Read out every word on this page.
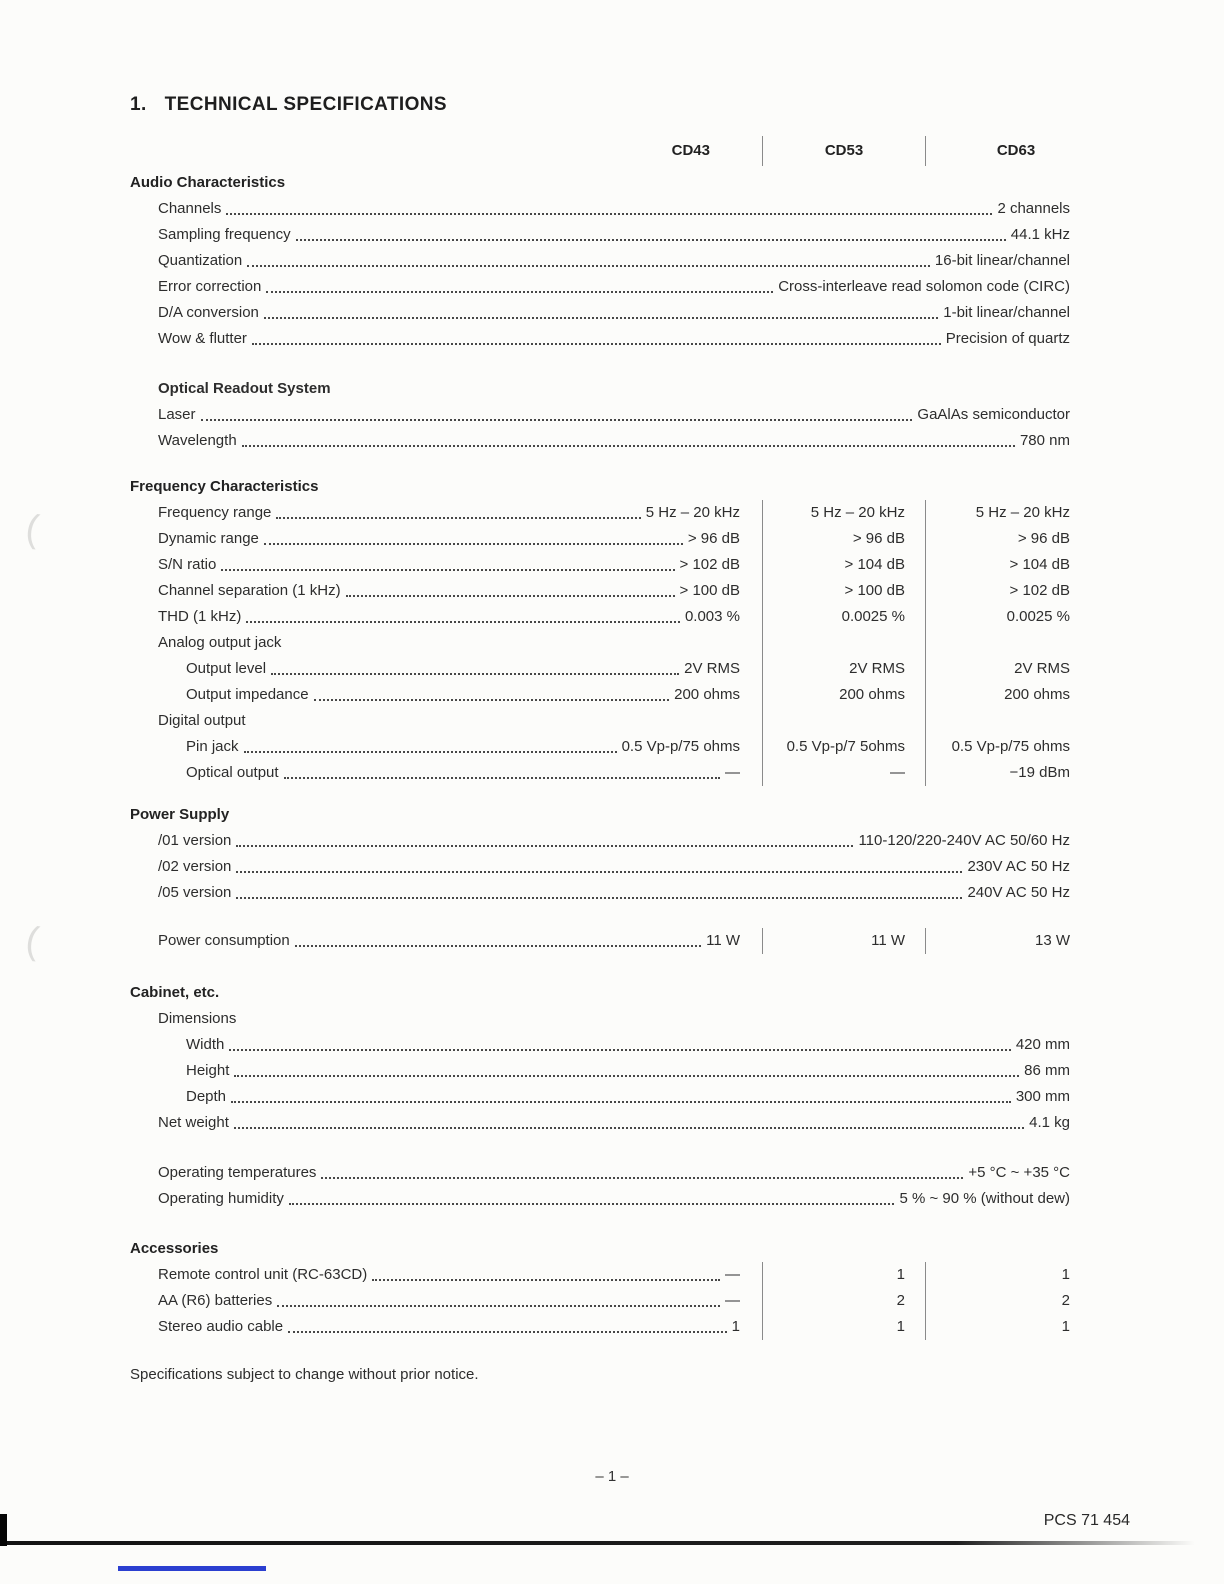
1. TECHNICAL SPECIFICATIONS
CD43	CD53	CD63
Audio Characteristics
Channels	2 channels
Sampling frequency	44.1 kHz
Quantization	16-bit linear/channel
Error correction	Cross-interleave read solomon code (CIRC)
D/A conversion	1-bit linear/channel
Wow & flutter	Precision of quartz
Optical Readout System
Laser	GaAlAs semiconductor
Wavelength	780 nm
Frequency Characteristics
Frequency range	5 Hz – 20 kHz	5 Hz – 20 kHz	5 Hz – 20 kHz
Dynamic range	> 96 dB	> 96 dB	> 96 dB
S/N ratio	> 102 dB	> 104 dB	> 104 dB
Channel separation (1 kHz)	> 100 dB	> 100 dB	> 102 dB
THD (1 kHz)	0.003 %	0.0025 %	0.0025 %
Analog output jack
Output level	2V RMS	2V RMS	2V RMS
Output impedance	200 ohms	200 ohms	200 ohms
Digital output
Pin jack	0.5 Vp-p/75 ohms	0.5 Vp-p/7 5ohms	0.5 Vp-p/75 ohms
Optical output	—	—	−19 dBm
Power Supply
/01 version	110-120/220-240V AC 50/60 Hz
/02 version	230V AC 50 Hz
/05 version	240V AC 50 Hz
Power consumption	11 W	11 W	13 W
Cabinet, etc.
Dimensions
Width	420 mm
Height	86 mm
Depth	300 mm
Net weight	4.1 kg
Operating temperatures	+5 °C ~ +35 °C
Operating humidity	5 % ~ 90 % (without dew)
Accessories
Remote control unit (RC-63CD)	—	1	1
AA (R6) batteries	—	2	2
Stereo audio cable	1	1	1

Specifications subject to change without prior notice.

– 1 –
PCS 71 454
(
(
